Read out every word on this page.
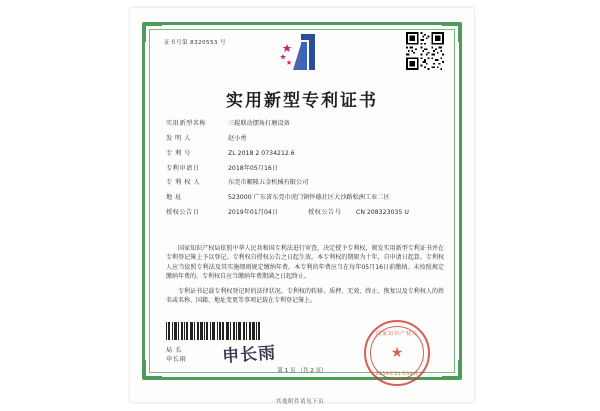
证书号第 8320553 号
实用新型专利证书
实用新型名称	三辊联动摆角打磨设备
发 明 人	赵小勇
专 利 号	ZL 2018 2 0734212.6
专利申请日	2018年05月16日
专 利 权 人	东莞市顺隆五金机械有限公司
地 址	523000 广东省东莞市虎门镇怀德社区大沙路松洲工业二区
授权公告日	2019年01月04日	授权公告号	CN 208323035 U

国家知识产权局依照中华人民共和国专利法进行审查，决定授予专利权，颁发实用新型专利证书并在专利登记簿上予以登记。专利权自授权公告之日起生效。本专利权的期限为十年，自申请日起算。专利权人应当依照专利法及其实施细则规定缴纳年费。本专利的年费应当在每年05月16日前缴纳。未按照规定缴纳年费的，专利权自应当缴纳年费期满之日起终止。

专利证书记载专利权登记时的法律状况。专利权的转移、质押、无效、终止、恢复以及专利权人的姓名或名称、国籍、地址变更等事项记载在专利登记簿上。

局 长
申长雨 申长雨
国家知识产权局
★
2019年01月04日
第 1 页 （共 2 页）
其他附件请见下页
